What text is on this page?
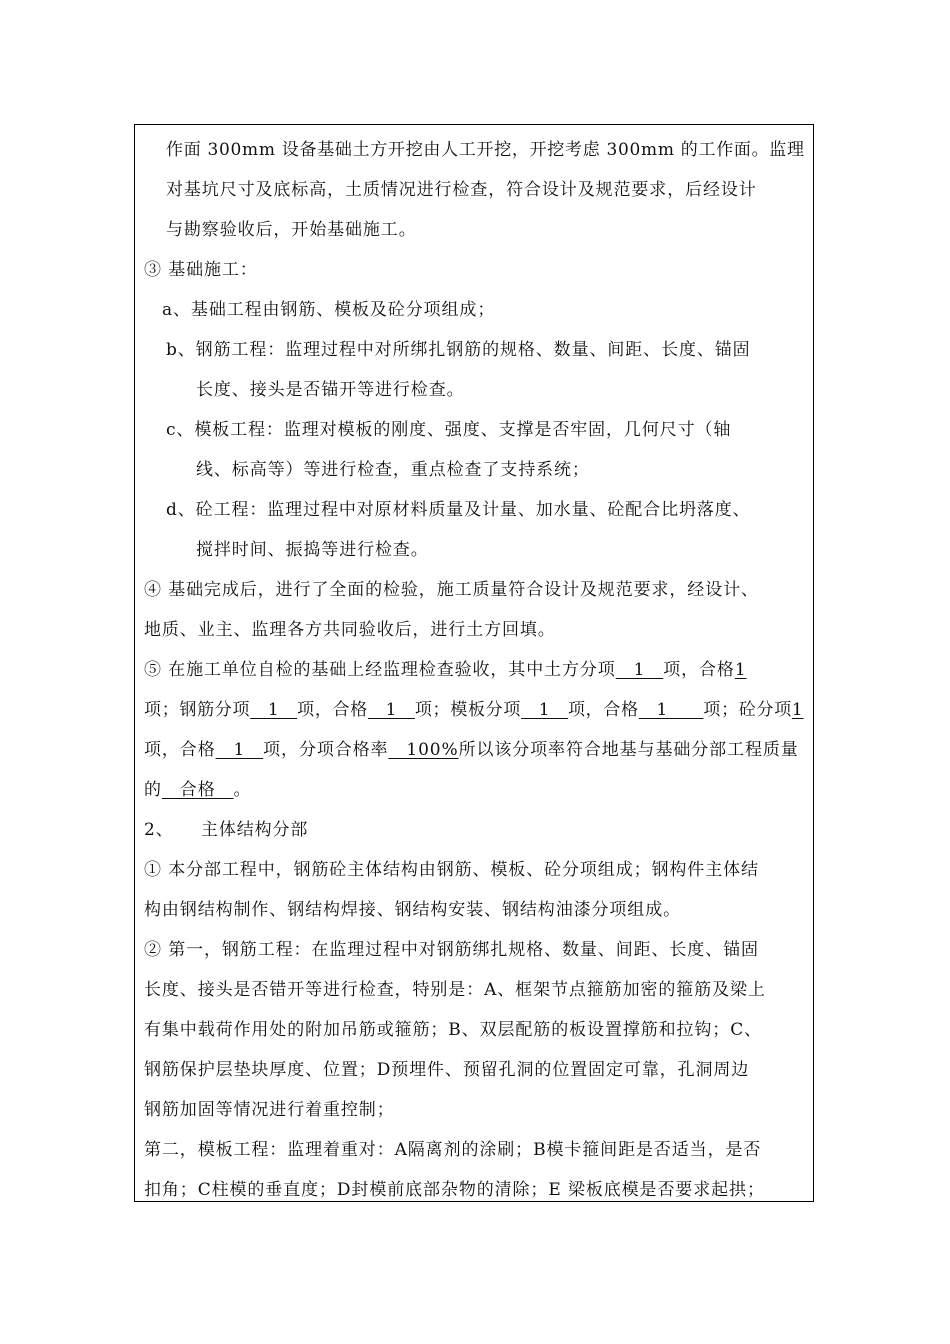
作面 300mm 设备基础土方开挖由人工开挖，开挖考虑 300mm 的工作面。监理
对基坑尺寸及底标高，土质情况进行检查，符合设计及规范要求，后经设计
与勘察验收后，开始基础施工。
③ 基础施工：
a、基础工程由钢筋、模板及砼分项组成；
b、钢筋工程：监理过程中对所绑扎钢筋的规格、数量、间距、长度、锚固
长度、接头是否锚开等进行检查。
c、模板工程：监理对模板的刚度、强度、支撑是否牢固，几何尺寸（轴
线、标高等）等进行检查，重点检查了支持系统；
d、砼工程：监理过程中对原材料质量及计量、加水量、砼配合比坍落度、
搅拌时间、振捣等进行检查。
④ 基础完成后，进行了全面的检验，施工质量符合设计及规范要求，经设计、
地质、业主、监理各方共同验收后，进行土方回填。
⑤ 在施工单位自检的基础上经监理检查验收，其中土方分项　1　项，合格1
项；钢筋分项　1　项，合格　1　项；模板分项　1　项，合格　1　　项；砼分项1
项，合格　1　项，分项合格率　100%所以该分项率符合地基与基础分部工程质量
的　合格　。
2、　　主体结构分部
① 本分部工程中，钢筋砼主体结构由钢筋、模板、砼分项组成；钢构件主体结
构由钢结构制作、钢结构焊接、钢结构安装、钢结构油漆分项组成。
② 第一，钢筋工程：在监理过程中对钢筋绑扎规格、数量、间距、长度、锚固
长度、接头是否错开等进行检查，特别是：A、框架节点箍筋加密的箍筋及梁上
有集中载荷作用处的附加吊筋或箍筋；B、双层配筋的板设置撑筋和拉钩；C、
钢筋保护层垫块厚度、位置；D预埋件、预留孔洞的位置固定可靠，孔洞周边
钢筋加固等情况进行着重控制；
第二，模板工程：监理着重对：A隔离剂的涂刷；B模卡箍间距是否适当，是否
扣角；C柱模的垂直度；D封模前底部杂物的清除；E 梁板底模是否要求起拱；
